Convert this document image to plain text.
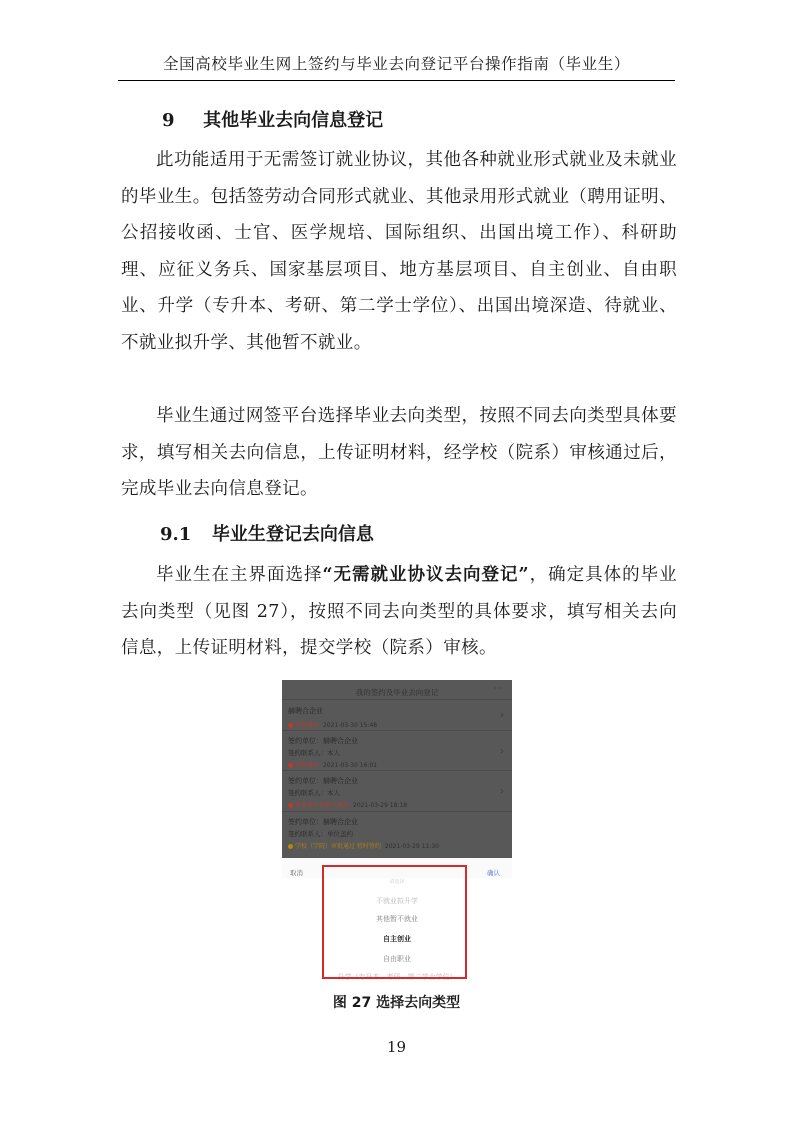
全国高校毕业生网上签约与毕业去向登记平台操作指南（毕业生）
9 其他毕业去向信息登记
此功能适用于无需签订就业协议，其他各种就业形式就业及未就业的毕业生。包括签劳动合同形式就业、其他录用形式就业（聘用证明、公招接收函、士官、医学规培、国际组织、出国出境工作）、科研助理、应征义务兵、国家基层项目、地方基层项目、自主创业、自由职业、升学（专升本、考研、第二学士学位）、出国出境深造、待就业、不就业拟升学、其他暂不就业。
毕业生通过网签平台选择毕业去向类型，按照不同去向类型具体要求，填写相关去向信息，上传证明材料，经学校（院系）审核通过后，完成毕业去向信息登记。
9.1 毕业生登记去向信息
毕业生在主界面选择“无需就业协议去向登记”，确定具体的毕业去向类型（见图 27），按照不同去向类型的具体要求，填写相关去向信息，上传证明材料，提交学校（院系）审核。
我的签约及毕业去向登记	···
赫聘合企业
暂时通过 2021-03-30 15:48
›
签约单位：赫聘合企业
签约联系人：本人
暂时通过 2021-03-30 16:01
›
签约单位：赫聘合企业
签约联系人：本人
就业协议审核不通过 2021-03-29 18:18
›
签约单位：赫聘合企业
签约联系人：单位盖约
学校（学院）审批通过 暂时签约 2021-03-29 11:30
取消	确认
请选择
不就业拟升学
其他暂不就业
自主创业
自由职业
升学（专升本、考研、第二学士学位）
图 27 选择去向类型
19
